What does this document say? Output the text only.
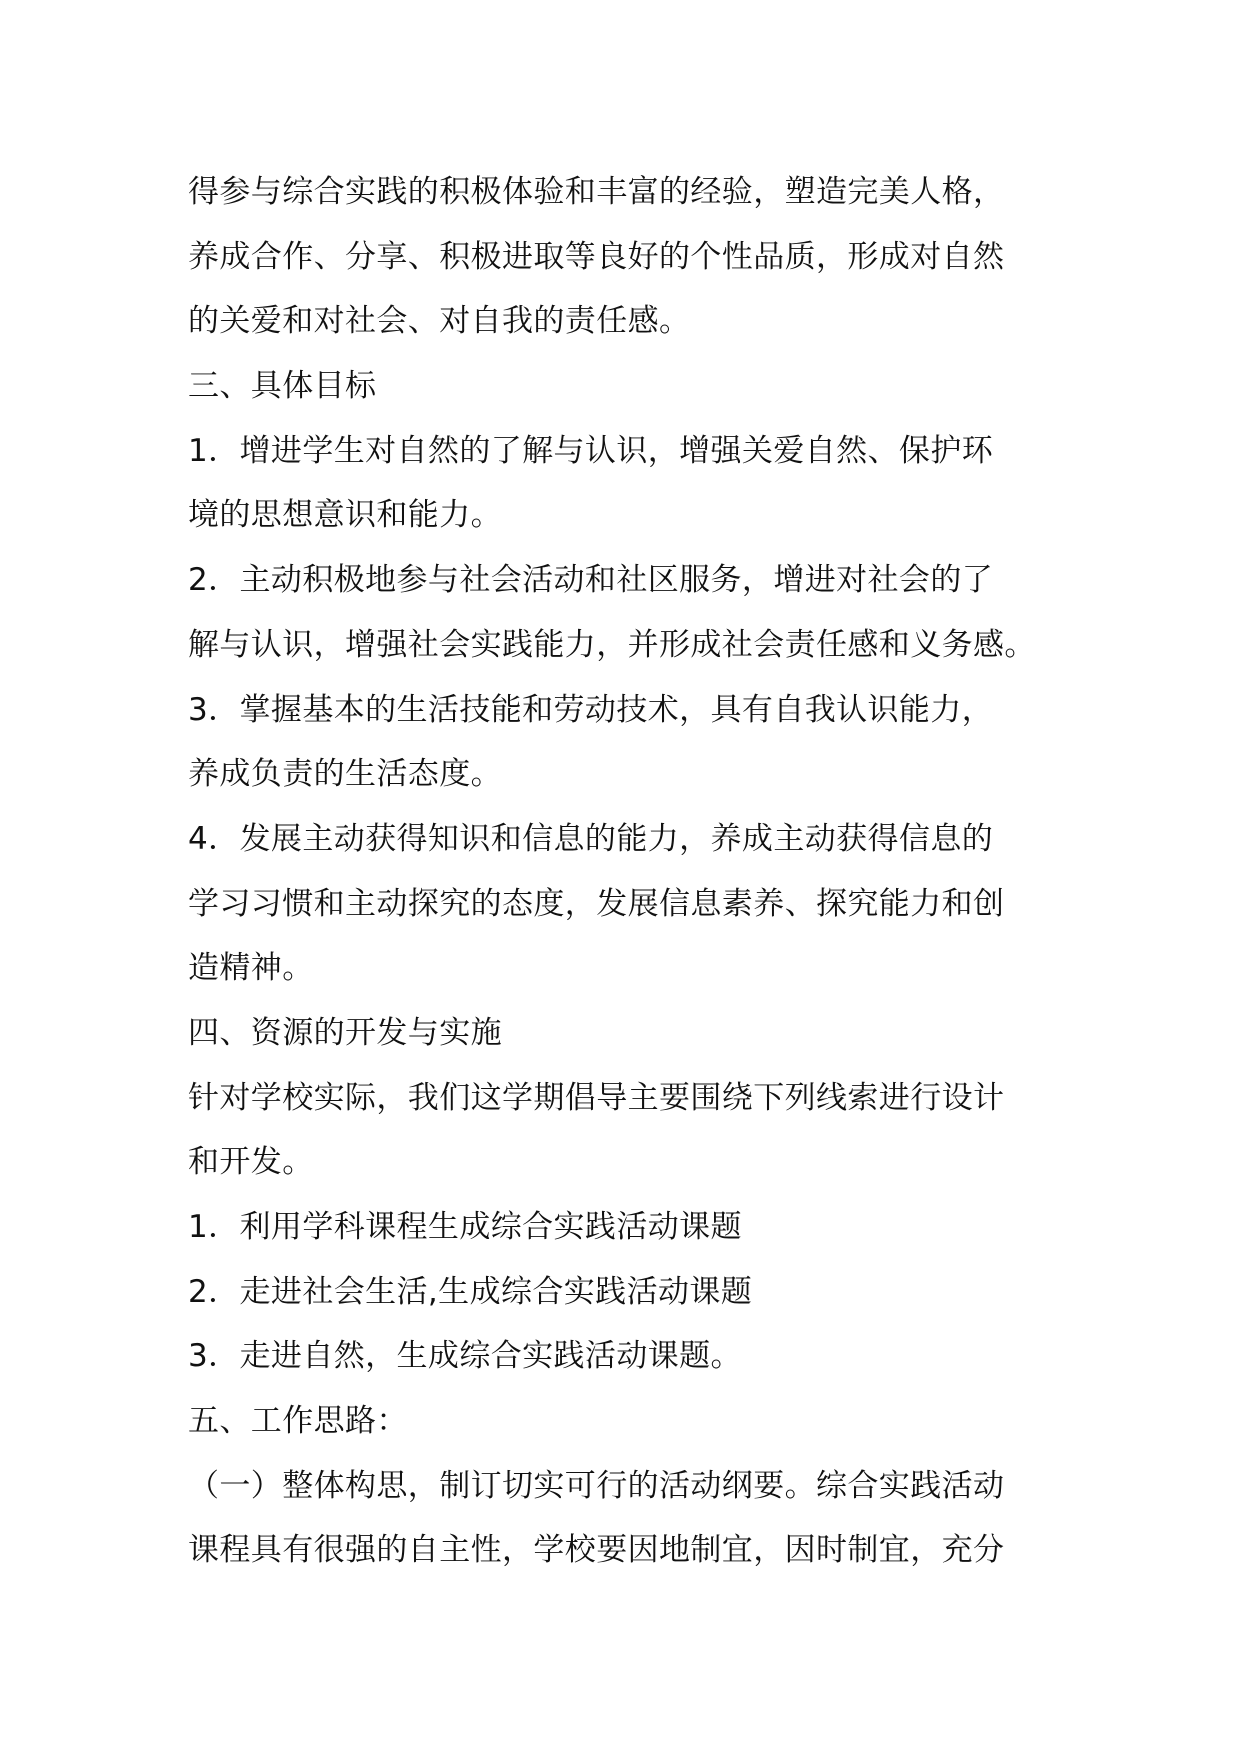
得参与综合实践的积极体验和丰富的经验，塑造完美人格，
养成合作、分享、积极进取等良好的个性品质，形成对自然
的关爱和对社会、对自我的责任感。
三、具体目标
1．增进学生对自然的了解与认识，增强关爱自然、保护环
境的思想意识和能力。
2．主动积极地参与社会活动和社区服务，增进对社会的了
解与认识，增强社会实践能力，并形成社会责任感和义务感。
3．掌握基本的生活技能和劳动技术，具有自我认识能力，
养成负责的生活态度。
4．发展主动获得知识和信息的能力，养成主动获得信息的
学习习惯和主动探究的态度，发展信息素养、探究能力和创
造精神。
四、资源的开发与实施
针对学校实际，我们这学期倡导主要围绕下列线索进行设计
和开发。
1．利用学科课程生成综合实践活动课题
2．走进社会生活,生成综合实践活动课题
3．走进自然，生成综合实践活动课题。
五、工作思路：
（一）整体构思，制订切实可行的活动纲要。综合实践活动
课程具有很强的自主性，学校要因地制宜，因时制宜，充分
